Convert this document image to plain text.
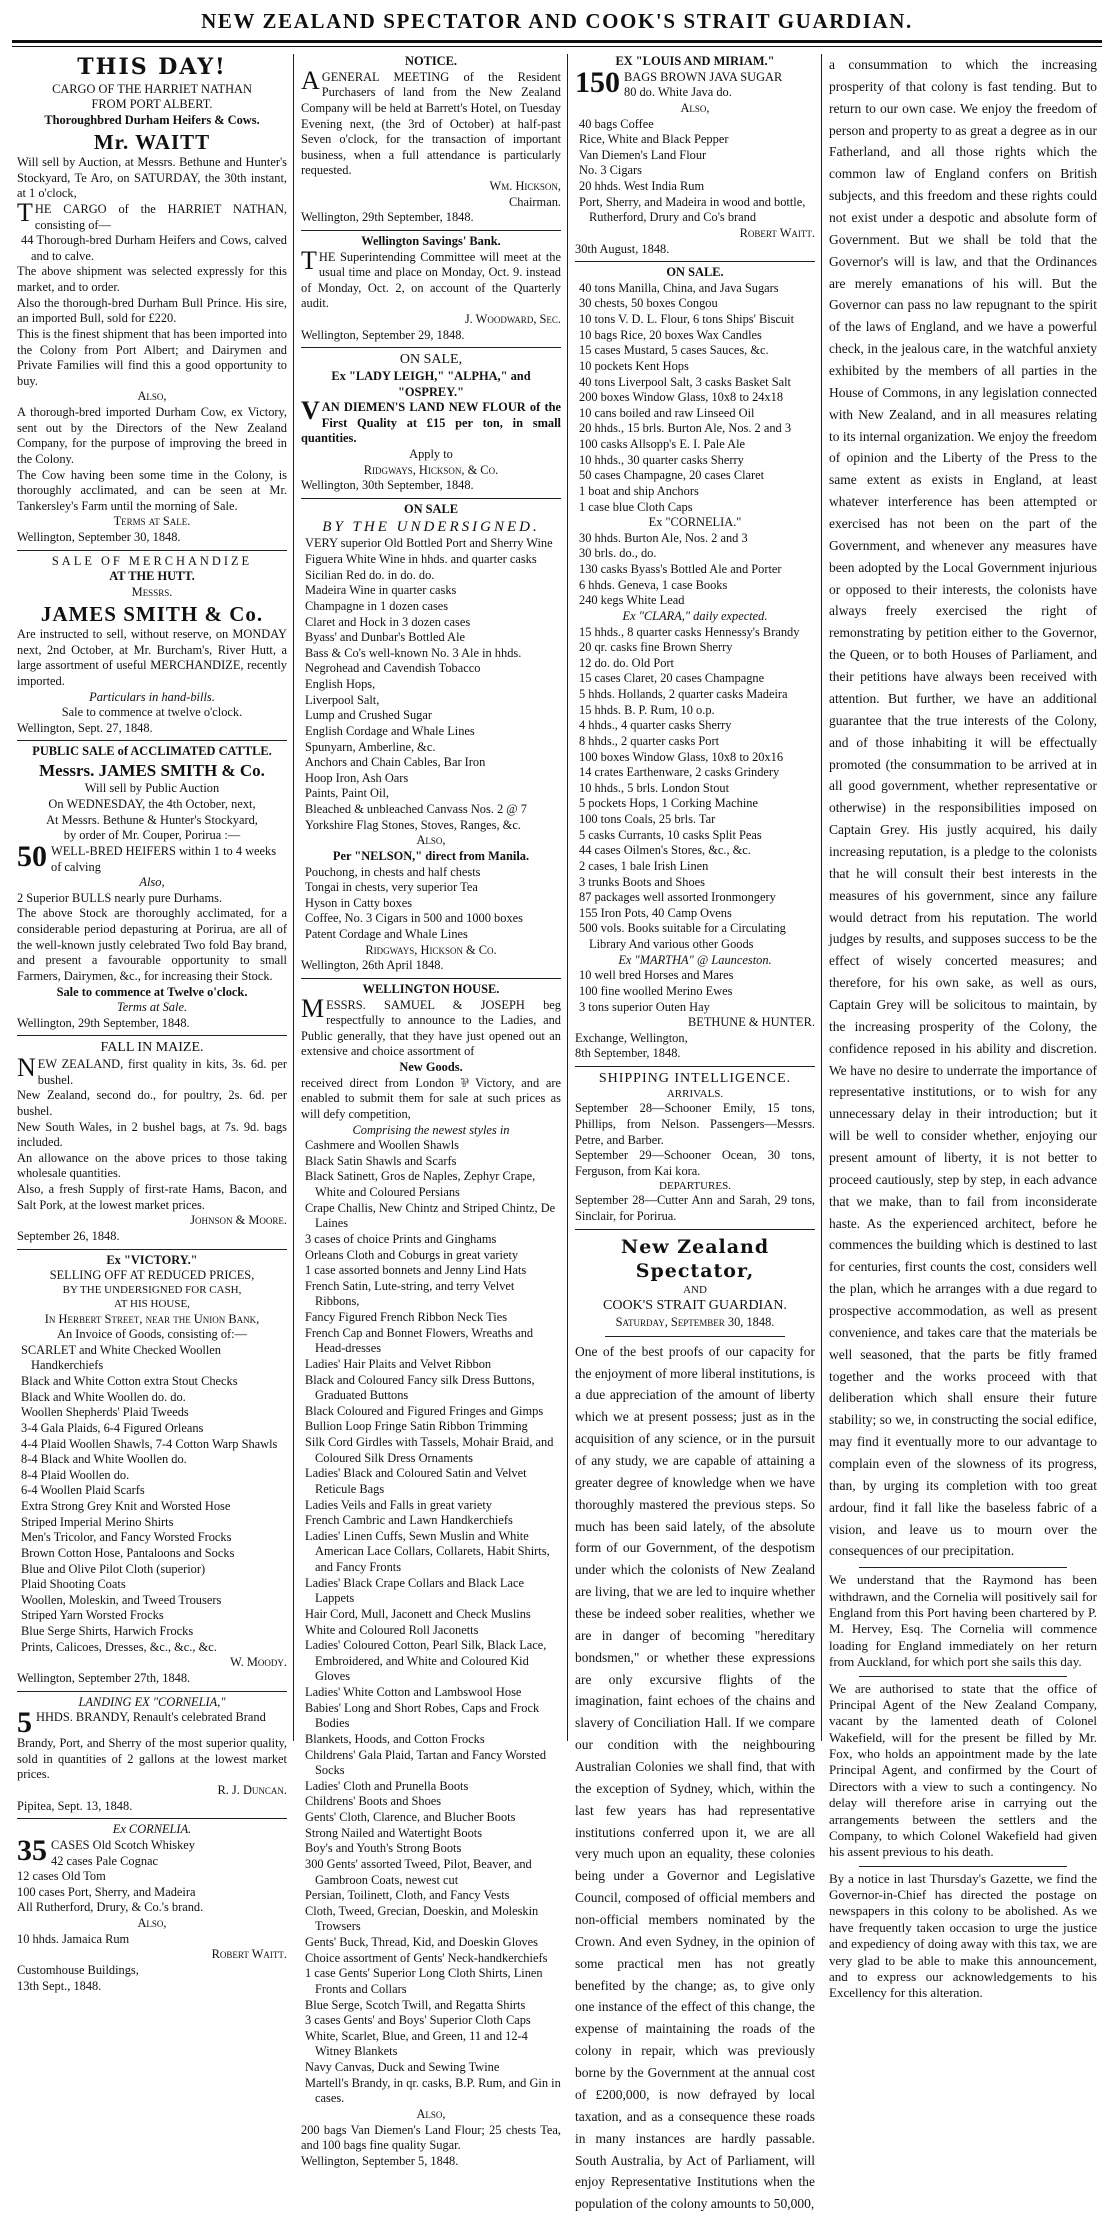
NEW ZEALAND SPECTATOR AND COOK'S STRAIT GUARDIAN.

THIS DAY!

CARGO OF THE HARRIET NATHAN

FROM PORT ALBERT.

Thoroughbred Durham Heifers & Cows.

Mr. WAITT

Will sell by Auction, at Messrs. Bethune and Hunter's Stockyard, Te Aro, on SATURDAY, the 30th instant, at 1 o'clock,

THE CARGO of the HARRIET NATHAN, consisting of—

44 Thorough-bred Durham Heifers and Cows, calved and to calve.

The above shipment was selected expressly for this market, and to order.

Also the thorough-bred Durham Bull Prince. His sire, an imported Bull, sold for £220.

This is the finest shipment that has been imported into the Colony from Port Albert; and Dairymen and Private Families will find this a good opportunity to buy.

Also,

A thorough-bred imported Durham Cow, ex Victory, sent out by the Directors of the New Zealand Company, for the purpose of improving the breed in the Colony.

The Cow having been some time in the Colony, is thoroughly acclimated, and can be seen at Mr. Tankersley's Farm until the morning of Sale.

Terms at Sale.

Wellington, September 30, 1848.

SALE OF MERCHANDIZE

AT THE HUTT.

Messrs.

JAMES SMITH & Co.

Are instructed to sell, without reserve, on MONDAY next, 2nd October, at Mr. Burcham's, River Hutt, a large assortment of useful MERCHANDIZE, recently imported.

Particulars in hand-bills.

Sale to commence at twelve o'clock.

Wellington, Sept. 27, 1848.

PUBLIC SALE of ACCLIMATED CATTLE.

Messrs. JAMES SMITH & Co.

Will sell by Public Auction

On WEDNESDAY, the 4th October, next,

At Messrs. Bethune & Hunter's Stockyard,

by order of Mr. Couper, Porirua :—

50 WELL-BRED HEIFERS within 1 to 4 weeks of calving

Also,

2 Superior BULLS nearly pure Durhams.

The above Stock are thoroughly acclimated, for a considerable period depasturing at Porirua, are all of the well-known justly celebrated Two fold Bay brand, and present a favourable opportunity to small Farmers, Dairymen, &c., for increasing their Stock.

Sale to commence at Twelve o'clock.

Terms at Sale.

Wellington, 29th September, 1848.

FALL IN MAIZE.

NEW ZEALAND, first quality in kits, 3s. 6d. per bushel.

New Zealand, second do., for poultry, 2s. 6d. per bushel.

New South Wales, in 2 bushel bags, at 7s. 9d. bags included.

An allowance on the above prices to those taking wholesale quantities.

Also, a fresh Supply of first-rate Hams, Bacon, and Salt Pork, at the lowest market prices.

Johnson & Moore.

September 26, 1848.

Ex "VICTORY."

SELLING OFF AT REDUCED PRICES,

BY THE UNDERSIGNED FOR CASH,

AT HIS HOUSE,

In Herbert Street, near the Union Bank,

An Invoice of Goods, consisting of:—

SCARLET and White Checked Woollen Handkerchiefs

Black and White Cotton extra Stout Checks

Black and White Woollen do. do.

Woollen Shepherds' Plaid Tweeds

3-4 Gala Plaids, 6-4 Figured Orleans

4-4 Plaid Woollen Shawls, 7-4 Cotton Warp Shawls

8-4 Black and White Woollen do.

8-4 Plaid Woollen do.

6-4 Woollen Plaid Scarfs

Extra Strong Grey Knit and Worsted Hose

Striped Imperial Merino Shirts

Men's Tricolor, and Fancy Worsted Frocks

Brown Cotton Hose, Pantaloons and Socks

Blue and Olive Pilot Cloth (superior)

Plaid Shooting Coats

Woollen, Moleskin, and Tweed Trousers

Striped Yarn Worsted Frocks

Blue Serge Shirts, Harwich Frocks

Prints, Calicoes, Dresses, &c., &c., &c.

W. Moody.

Wellington, September 27th, 1848.

LANDING EX "CORNELIA,"

5 HHDS. BRANDY, Renault's celebrated Brand

Brandy, Port, and Sherry of the most superior quality, sold in quantities of 2 gallons at the lowest market prices.

R. J. Duncan.

Pipitea, Sept. 13, 1848.

Ex CORNELIA.

35 CASES Old Scotch Whiskey
42 cases Pale Cognac

12 cases Old Tom

100 cases Port, Sherry, and Madeira

All Rutherford, Drury, & Co.'s brand.

Also,

10 hhds. Jamaica Rum

Robert Waitt.

Customhouse Buildings,

13th Sept., 1848.

NOTICE.

AGENERAL MEETING of the Resident Purchasers of land from the New Zealand Company will be held at Barrett's Hotel, on Tuesday Evening next, (the 3rd of October) at half-past Seven o'clock, for the transaction of important business, when a full attendance is particularly requested.

Wm. Hickson,

Chairman.

Wellington, 29th September, 1848.

Wellington Savings' Bank.

THE Superintending Committee will meet at the usual time and place on Monday, Oct. 9. instead of Monday, Oct. 2, on account of the Quarterly audit.

J. Woodward, Sec.

Wellington, September 29, 1848.

ON SALE,

Ex "LADY LEIGH," "ALPHA," and "OSPREY."

VAN DIEMEN'S LAND NEW FLOUR of the First Quality at £15 per ton, in small quantities.

Apply to

Ridgways, Hickson, & Co.

Wellington, 30th September, 1848.

ON SALE

BY THE UNDERSIGNED.

VERY superior Old Bottled Port and Sherry Wine

Figuera White Wine in hhds. and quarter casks

Sicilian Red do. in do. do.

Madeira Wine in quarter casks

Champagne in 1 dozen cases

Claret and Hock in 3 dozen cases

Byass' and Dunbar's Bottled Ale

Bass & Co's well-known No. 3 Ale in hhds.

Negrohead and Cavendish Tobacco

English Hops,

Liverpool Salt,

Lump and Crushed Sugar

English Cordage and Whale Lines

Spunyarn, Amberline, &c.

Anchors and Chain Cables, Bar Iron

Hoop Iron, Ash Oars

Paints, Paint Oil,

Bleached & unbleached Canvass Nos. 2 @ 7

Yorkshire Flag Stones, Stoves, Ranges, &c.

Also,

Per "NELSON," direct from Manila.

Pouchong, in chests and half chests

Tongai in chests, very superior Tea

Hyson in Catty boxes

Coffee, No. 3 Cigars in 500 and 1000 boxes

Patent Cordage and Whale Lines

Ridgways, Hickson & Co.

Wellington, 26th April 1848.

WELLINGTON HOUSE.

MESSRS. SAMUEL & JOSEPH beg respectfully to announce to the Ladies, and Public generally, that they have just opened out an extensive and choice assortment of

New Goods.

received direct from London ⅌ Victory, and are enabled to submit them for sale at such prices as will defy competition,

Comprising the newest styles in

Cashmere and Woollen Shawls

Black Satin Shawls and Scarfs

Black Satinett, Gros de Naples, Zephyr Crape, White and Coloured Persians

Crape Challis, New Chintz and Striped Chintz, De Laines

3 cases of choice Prints and Ginghams

Orleans Cloth and Coburgs in great variety

1 case assorted bonnets and Jenny Lind Hats

French Satin, Lute-string, and terry Velvet Ribbons,

Fancy Figured French Ribbon Neck Ties

French Cap and Bonnet Flowers, Wreaths and Head-dresses

Ladies' Hair Plaits and Velvet Ribbon

Black and Coloured Fancy silk Dress Buttons, Graduated Buttons

Black Coloured and Figured Fringes and Gimps

Bullion Loop Fringe Satin Ribbon Trimming

Silk Cord Girdles with Tassels, Mohair Braid, and Coloured Silk Dress Ornaments

Ladies' Black and Coloured Satin and Velvet Reticule Bags

Ladies Veils and Falls in great variety

French Cambric and Lawn Handkerchiefs

Ladies' Linen Cuffs, Sewn Muslin and White American Lace Collars, Collarets, Habit Shirts, and Fancy Fronts

Ladies' Black Crape Collars and Black Lace Lappets

Hair Cord, Mull, Jaconett and Check Muslins

White and Coloured Roll Jaconetts

Ladies' Coloured Cotton, Pearl Silk, Black Lace, Embroidered, and White and Coloured Kid Gloves

Ladies' White Cotton and Lambswool Hose

Babies' Long and Short Robes, Caps and Frock Bodies

Blankets, Hoods, and Cotton Frocks

Childrens' Gala Plaid, Tartan and Fancy Worsted Socks

Ladies' Cloth and Prunella Boots

Childrens' Boots and Shoes

Gents' Cloth, Clarence, and Blucher Boots

Strong Nailed and Watertight Boots

Boy's and Youth's Strong Boots

300 Gents' assorted Tweed, Pilot, Beaver, and Gambroon Coats, newest cut

Persian, Toilinett, Cloth, and Fancy Vests

Cloth, Tweed, Grecian, Doeskin, and Moleskin Trowsers

Gents' Buck, Thread, Kid, and Doeskin Gloves

Choice assortment of Gents' Neck-handkerchiefs

1 case Gents' Superior Long Cloth Shirts, Linen Fronts and Collars

Blue Serge, Scotch Twill, and Regatta Shirts

3 cases Gents' and Boys' Superior Cloth Caps

White, Scarlet, Blue, and Green, 11 and 12-4 Witney Blankets

Navy Canvas, Duck and Sewing Twine

Martell's Brandy, in qr. casks, B.P. Rum, and Gin in cases.

Also,

200 bags Van Diemen's Land Flour; 25 chests Tea, and 100 bags fine quality Sugar.

Wellington, September 5, 1848.

EX "LOUIS AND MIRIAM."

150 BAGS BROWN JAVA SUGAR
80 do. White Java do.

Also,

40 bags Coffee

Rice, White and Black Pepper

Van Diemen's Land Flour

No. 3 Cigars

20 hhds. West India Rum

Port, Sherry, and Madeira in wood and bottle, Rutherford, Drury and Co's brand

Robert Waitt.

30th August, 1848.

ON SALE.

40 tons Manilla, China, and Java Sugars

30 chests, 50 boxes Congou

10 tons V. D. L. Flour, 6 tons Ships' Biscuit

10 bags Rice, 20 boxes Wax Candles

15 cases Mustard, 5 cases Sauces, &c.

10 pockets Kent Hops

40 tons Liverpool Salt, 3 casks Basket Salt

200 boxes Window Glass, 10x8 to 24x18

10 cans boiled and raw Linseed Oil

20 hhds., 15 brls. Burton Ale, Nos. 2 and 3

100 casks Allsopp's E. I. Pale Ale

10 hhds., 30 quarter casks Sherry

50 cases Champagne, 20 cases Claret

1 boat and ship Anchors

1 case blue Cloth Caps

Ex "CORNELIA."

30 hhds. Burton Ale, Nos. 2 and 3

30 brls. do., do.

130 casks Byass's Bottled Ale and Porter

6 hhds. Geneva, 1 case Books

240 kegs White Lead

Ex "CLARA," daily expected.

15 hhds., 8 quarter casks Hennessy's Brandy

20 qr. casks fine Brown Sherry

12 do. do. Old Port

15 cases Claret, 20 cases Champagne

5 hhds. Hollands, 2 quarter casks Madeira

15 hhds. B. P. Rum, 10 o.p.

4 hhds., 4 quarter casks Sherry

8 hhds., 2 quarter casks Port

100 boxes Window Glass, 10x8 to 20x16

14 crates Earthenware, 2 casks Grindery

10 hhds., 5 brls. London Stout

5 pockets Hops, 1 Corking Machine

100 tons Coals, 25 brls. Tar

5 casks Currants, 10 casks Split Peas

44 cases Oilmen's Stores, &c., &c.

2 cases, 1 bale Irish Linen

3 trunks Boots and Shoes

87 packages well assorted Ironmongery

155 Iron Pots, 40 Camp Ovens

500 vols. Books suitable for a Circulating Library And various other Goods

Ex "MARTHA" @ Launceston.

10 well bred Horses and Mares

100 fine woolled Merino Ewes

3 tons superior Outen Hay

BETHUNE & HUNTER.

Exchange, Wellington,

8th September, 1848.

SHIPPING INTELLIGENCE.

ARRIVALS.

September 28—Schooner Emily, 15 tons, Phillips, from Nelson. Passengers—Messrs. Petre, and Barber.

September 29—Schooner Ocean, 30 tons, Ferguson, from Kai kora.

DEPARTURES.

September 28—Cutter Ann and Sarah, 29 tons, Sinclair, for Porirua.

New Zealand Spectator,

AND

COOK'S STRAIT GUARDIAN.

Saturday, September 30, 1848.

One of the best proofs of our capacity for the enjoyment of more liberal institutions, is a due appreciation of the amount of liberty which we at present possess; just as in the acquisition of any science, or in the pursuit of any study, we are capable of attaining a greater degree of knowledge when we have thoroughly mastered the previous steps. So much has been said lately, of the absolute form of our Government, of the despotism under which the colonists of New Zealand are living, that we are led to inquire whether these be indeed sober realities, whether we are in danger of becoming "hereditary bondsmen," or whether these expressions are only excursive flights of the imagination, faint echoes of the chains and slavery of Conciliation Hall. If we compare our condition with the neighbouring Australian Colonies we shall find, that with the exception of Sydney, which, within the last few years has had representative institutions conferred upon it, we are all very much upon an equality, these colonies being under a Governor and Legislative Council, composed of official members and non-official members nominated by the Crown. And even Sydney, in the opinion of some practical men has not greatly benefited by the change; as, to give only one instance of the effect of this change, the expense of maintaining the roads of the colony in repair, which was previously borne by the Government at the annual cost of £200,000, is now defrayed by local taxation, and as a consequence these roads in many instances are hardly passable. South Australia, by Act of Parliament, will enjoy Representative Institutions when the population of the colony amounts to 50,000,

a consummation to which the increasing prosperity of that colony is fast tending. But to return to our own case. We enjoy the freedom of person and property to as great a degree as in our Fatherland, and all those rights which the common law of England confers on British subjects, and this freedom and these rights could not exist under a despotic and absolute form of Government. But we shall be told that the Governor's will is law, and that the Ordinances are merely emanations of his will. But the Governor can pass no law repugnant to the spirit of the laws of England, and we have a powerful check, in the jealous care, in the watchful anxiety exhibited by the members of all parties in the House of Commons, in any legislation connected with New Zealand, and in all measures relating to its internal organization. We enjoy the freedom of opinion and the Liberty of the Press to the same extent as exists in England, at least whatever interference has been attempted or exercised has not been on the part of the Government, and whenever any measures have been adopted by the Local Government injurious or opposed to their interests, the colonists have always freely exercised the right of remonstrating by petition either to the Governor, the Queen, or to both Houses of Parliament, and their petitions have always been received with attention. But further, we have an additional guarantee that the true interests of the Colony, and of those inhabiting it will be effectually promoted (the consummation to be arrived at in all good government, whether representative or otherwise) in the responsibilities imposed on Captain Grey. His justly acquired, his daily increasing reputation, is a pledge to the colonists that he will consult their best interests in the measures of his government, since any failure would detract from his reputation. The world judges by results, and supposes success to be the effect of wisely concerted measures; and therefore, for his own sake, as well as ours, Captain Grey will be solicitous to maintain, by the increasing prosperity of the Colony, the confidence reposed in his ability and discretion. We have no desire to underrate the importance of representative institutions, or to wish for any unnecessary delay in their introduction; but it will be well to consider whether, enjoying our present amount of liberty, it is not better to proceed cautiously, step by step, in each advance that we make, than to fail from inconsiderate haste. As the experienced architect, before he commences the building which is destined to last for centuries, first counts the cost, considers well the plan, which he arranges with a due regard to prospective accommodation, as well as present convenience, and takes care that the materials be well seasoned, that the parts be fitly framed together and the works proceed with that deliberation which shall ensure their future stability; so we, in constructing the social edifice, may find it eventually more to our advantage to complain even of the slowness of its progress, than, by urging its completion with too great ardour, find it fall like the baseless fabric of a vision, and leave us to mourn over the consequences of our precipitation.

We understand that the Raymond has been withdrawn, and the Cornelia will positively sail for England from this Port having been chartered by P. M. Hervey, Esq. The Cornelia will commence loading for England immediately on her return from Auckland, for which port she sails this day.

We are authorised to state that the office of Principal Agent of the New Zealand Company, vacant by the lamented death of Colonel Wakefield, will for the present be filled by Mr. Fox, who holds an appointment made by the late Principal Agent, and confirmed by the Court of Directors with a view to such a contingency. No delay will therefore arise in carrying out the arrangements between the settlers and the Company, to which Colonel Wakefield had given his assent previous to his death.

By a notice in last Thursday's Gazette, we find the Governor-in-Chief has directed the postage on newspapers in this colony to be abolished. As we have frequently taken occasion to urge the justice and expediency of doing away with this tax, we are very glad to be able to make this announcement, and to express our acknowledgements to his Excellency for this alteration.
